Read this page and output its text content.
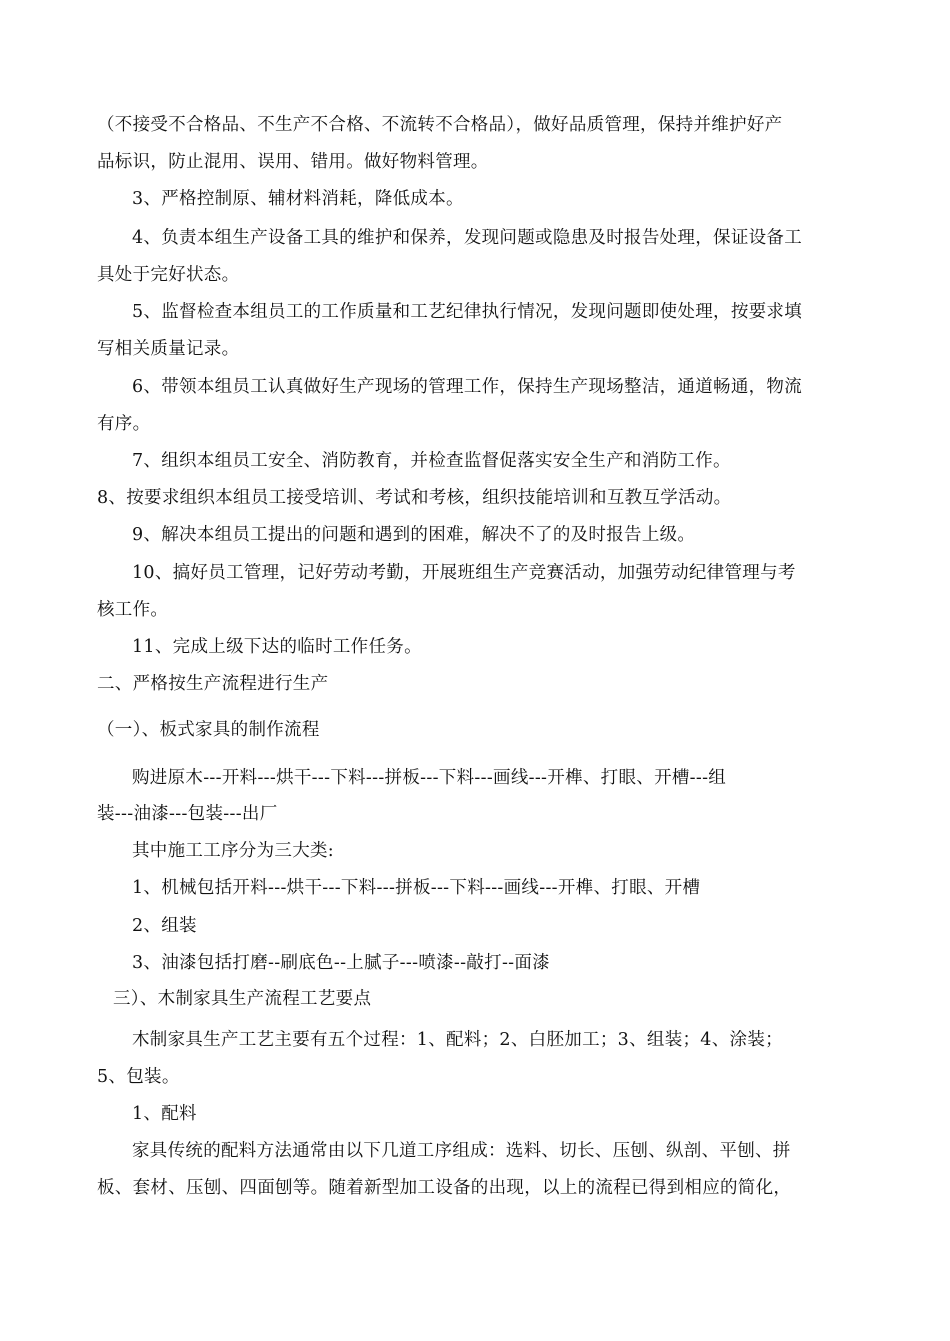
（不接受不合格品、不生产不合格、不流转不合格品），做好品质管理，保持并维护好产
品标识，防止混用、误用、错用。做好物料管理。
3、严格控制原、辅材料消耗，降低成本。
4、负责本组生产设备工具的维护和保养，发现问题或隐患及时报告处理，保证设备工
具处于完好状态。
5、监督检查本组员工的工作质量和工艺纪律执行情况，发现问题即使处理，按要求填
写相关质量记录。
6、带领本组员工认真做好生产现场的管理工作，保持生产现场整洁，通道畅通，物流
有序。
7、组织本组员工安全、消防教育，并检查监督促落实安全生产和消防工作。
8、按要求组织本组员工接受培训、考试和考核，组织技能培训和互教互学活动。
9、解决本组员工提出的问题和遇到的困难，解决不了的及时报告上级。
10、搞好员工管理，记好劳动考勤，开展班组生产竞赛活动，加强劳动纪律管理与考
核工作。
11、完成上级下达的临时工作任务。
二、严格按生产流程进行生产
（一）、板式家具的制作流程
购进原木---开料---烘干---下料---拼板---下料---画线---开榫、打眼、开槽---组
装---油漆---包装---出厂
其中施工工序分为三大类:
1、机械包括开料---烘干---下料---拼板---下料---画线---开榫、打眼、开槽
2、组装
3、油漆包括打磨--刷底色--上腻子---喷漆--敲打--面漆
三）、木制家具生产流程工艺要点
木制家具生产工艺主要有五个过程：1、配料；2、白胚加工；3、组装；4、涂装；
5、包装。
1、配料
家具传统的配料方法通常由以下几道工序组成：选料、切长、压刨、纵剖、平刨、拼
板、套材、压刨、四面刨等。随着新型加工设备的出现，以上的流程已得到相应的简化，
